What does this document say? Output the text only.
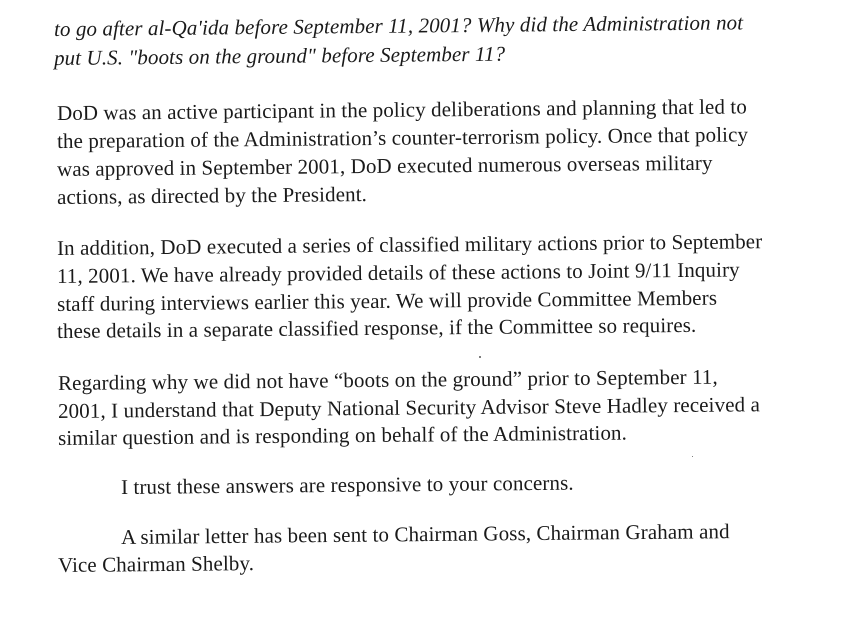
to go after al-Qa'ida before September 11, 2001? Why did the Administration not
put U.S. "boots on the ground" before September 11?
DoD was an active participant in the policy deliberations and planning that led to
the preparation of the Administration’s counter-terrorism policy. Once that policy
was approved in September 2001, DoD executed numerous overseas military
actions, as directed by the President.
In addition, DoD executed a series of classified military actions prior to September
11, 2001. We have already provided details of these actions to Joint 9/11 Inquiry
staff during interviews earlier this year. We will provide Committee Members
these details in a separate classified response, if the Committee so requires.
Regarding why we did not have “boots on the ground” prior to September 11,
2001, I understand that Deputy National Security Advisor Steve Hadley received a
similar question and is responding on behalf of the Administration.
I trust these answers are responsive to your concerns.
A similar letter has been sent to Chairman Goss, Chairman Graham and
Vice Chairman Shelby.
